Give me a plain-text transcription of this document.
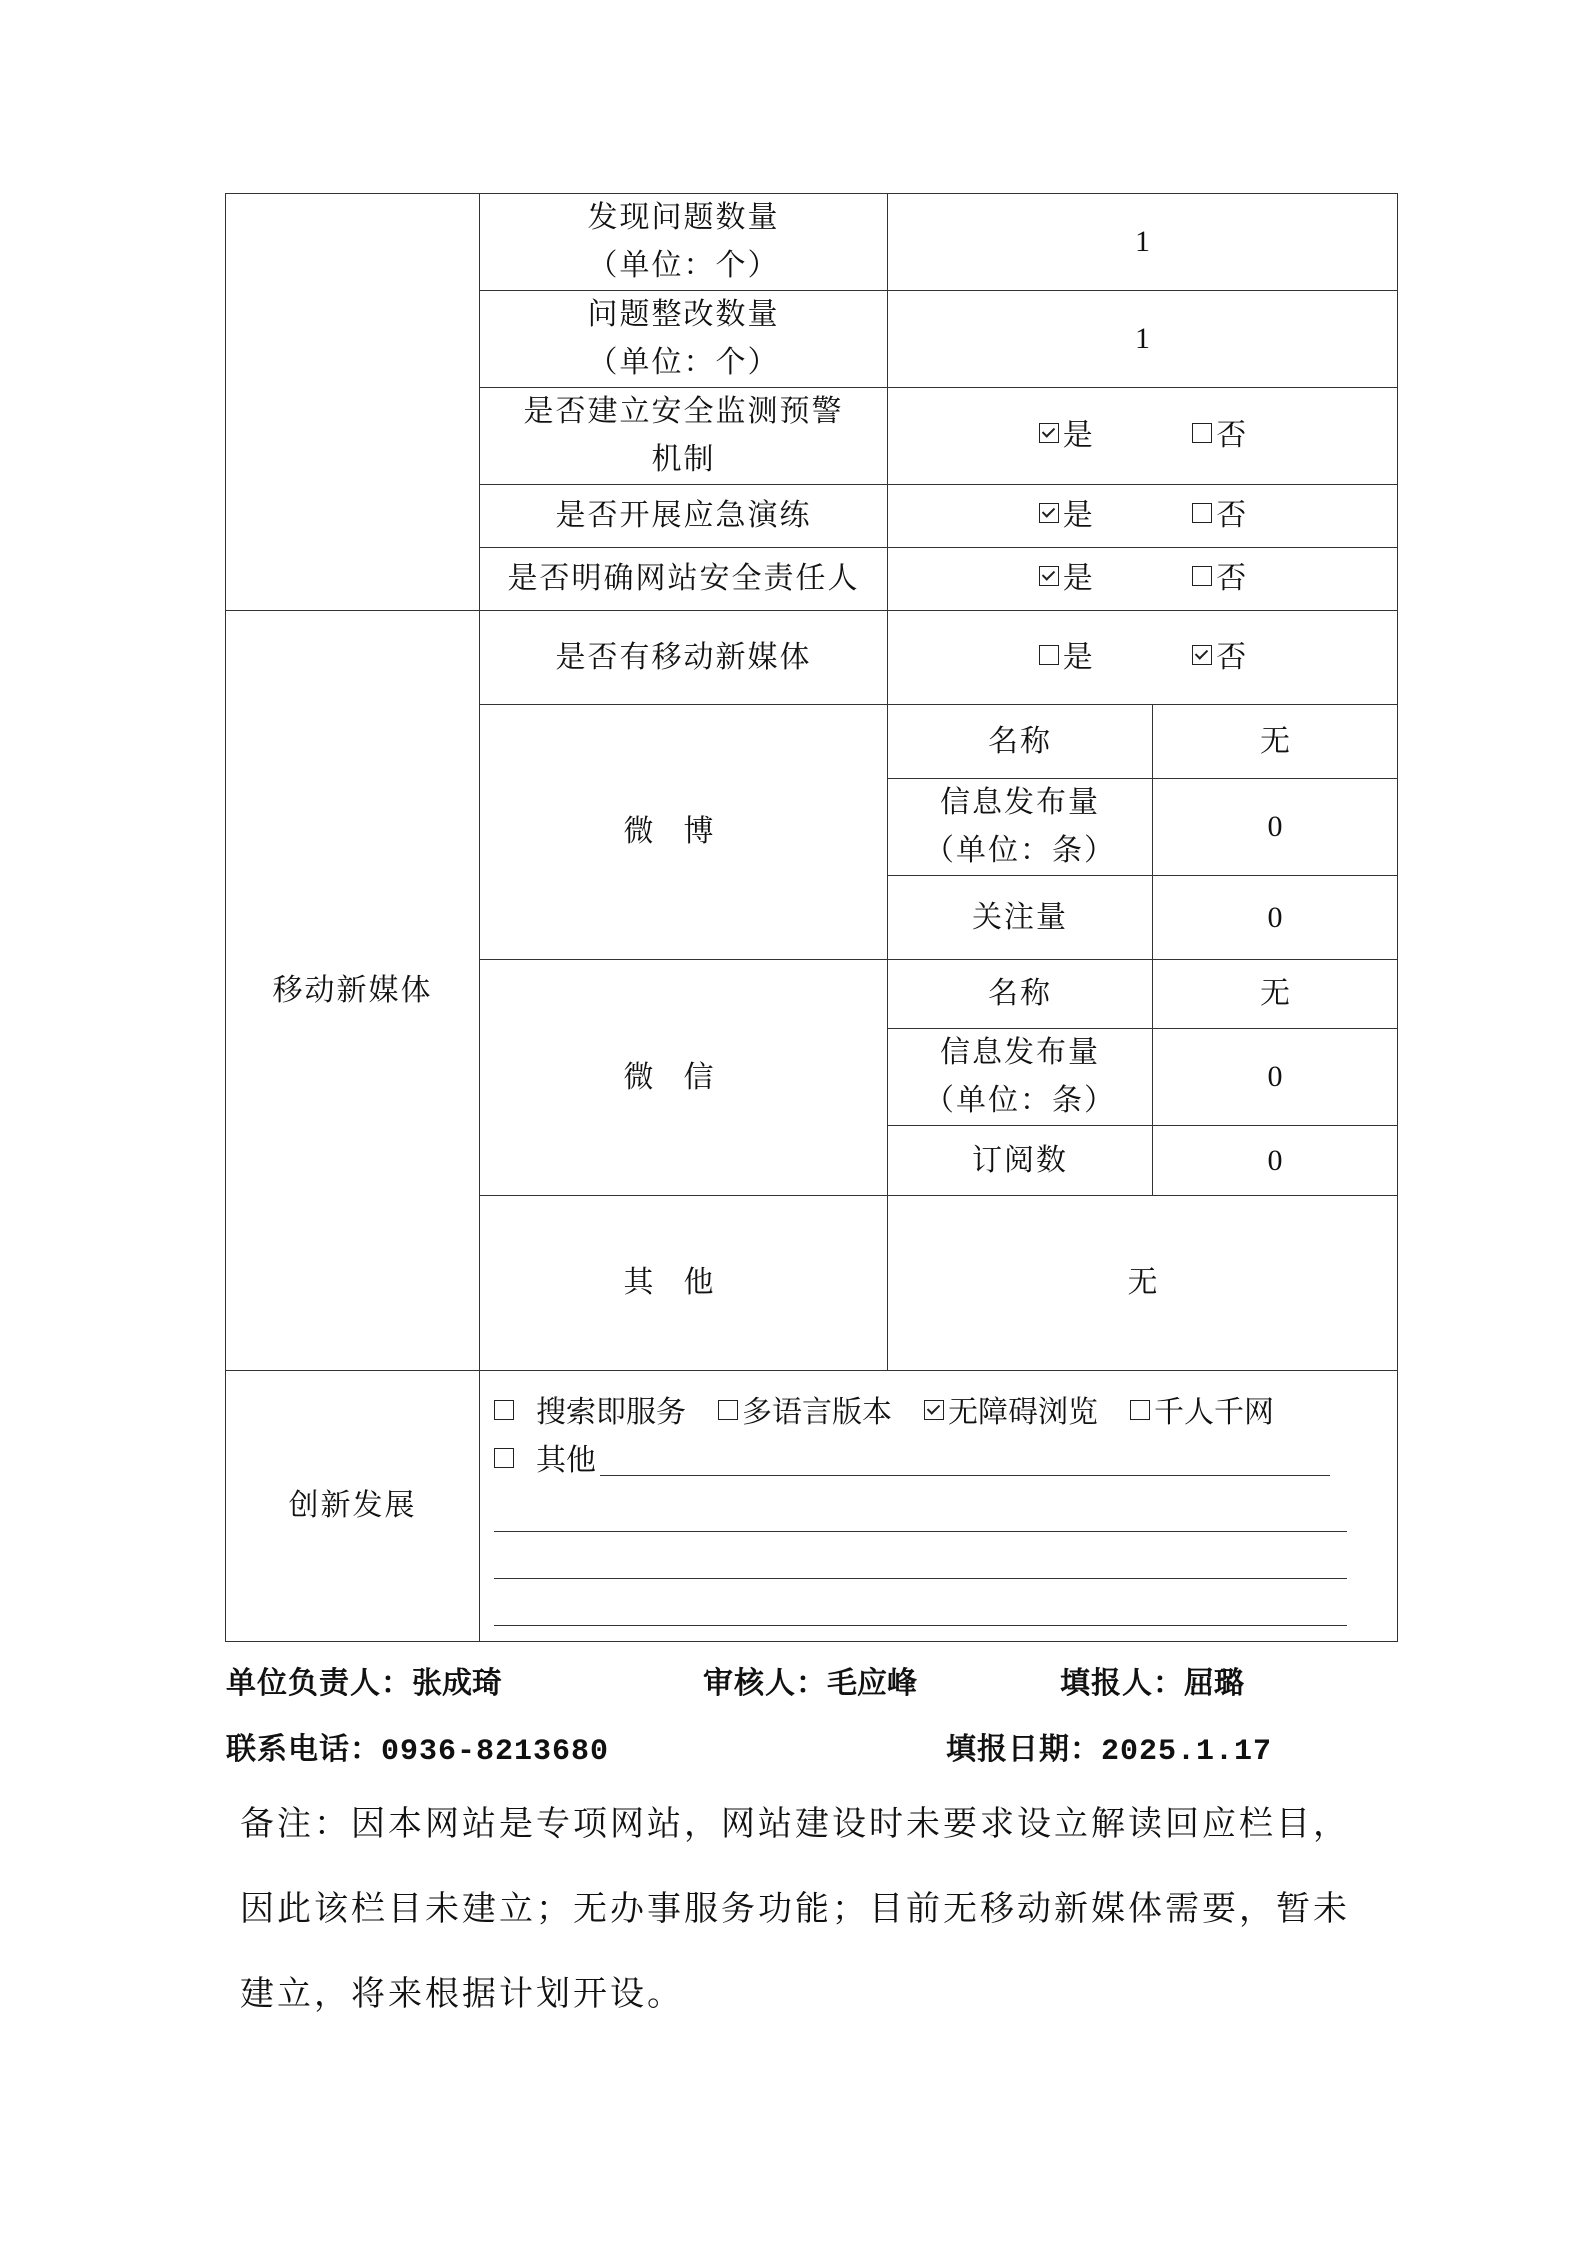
	发现问题数量
（单位：个）	1	

	问题整改数量
（单位：个）	1	

	是否建立安全监测预警
机制	是 否	
	是否开展应急演练	是 否	
	是否明确网站安全责任人	是 否	
移动新媒体	是否有移动新媒体	是 否	
	微博	名称	无

		信息发布量
（单位：条）	0
		关注量	0
	微信	名称	无

		信息发布量
（单位：条）	0
		订阅数	0
	其他	无	
创新发展	搜索即服务 多语言版本 无障碍浏览 千人千网
其他		
单位负责人：张成琦	审核人：毛应峰	填报人：屈璐
联系电话：0936-8213680	填报日期：2025.1.17
备注：因本网站是专项网站，网站建设时未要求设立解读回应栏目，因此该栏目未建立；无办事服务功能；目前无移动新媒体需要，暂未建立，将来根据计划开设。
